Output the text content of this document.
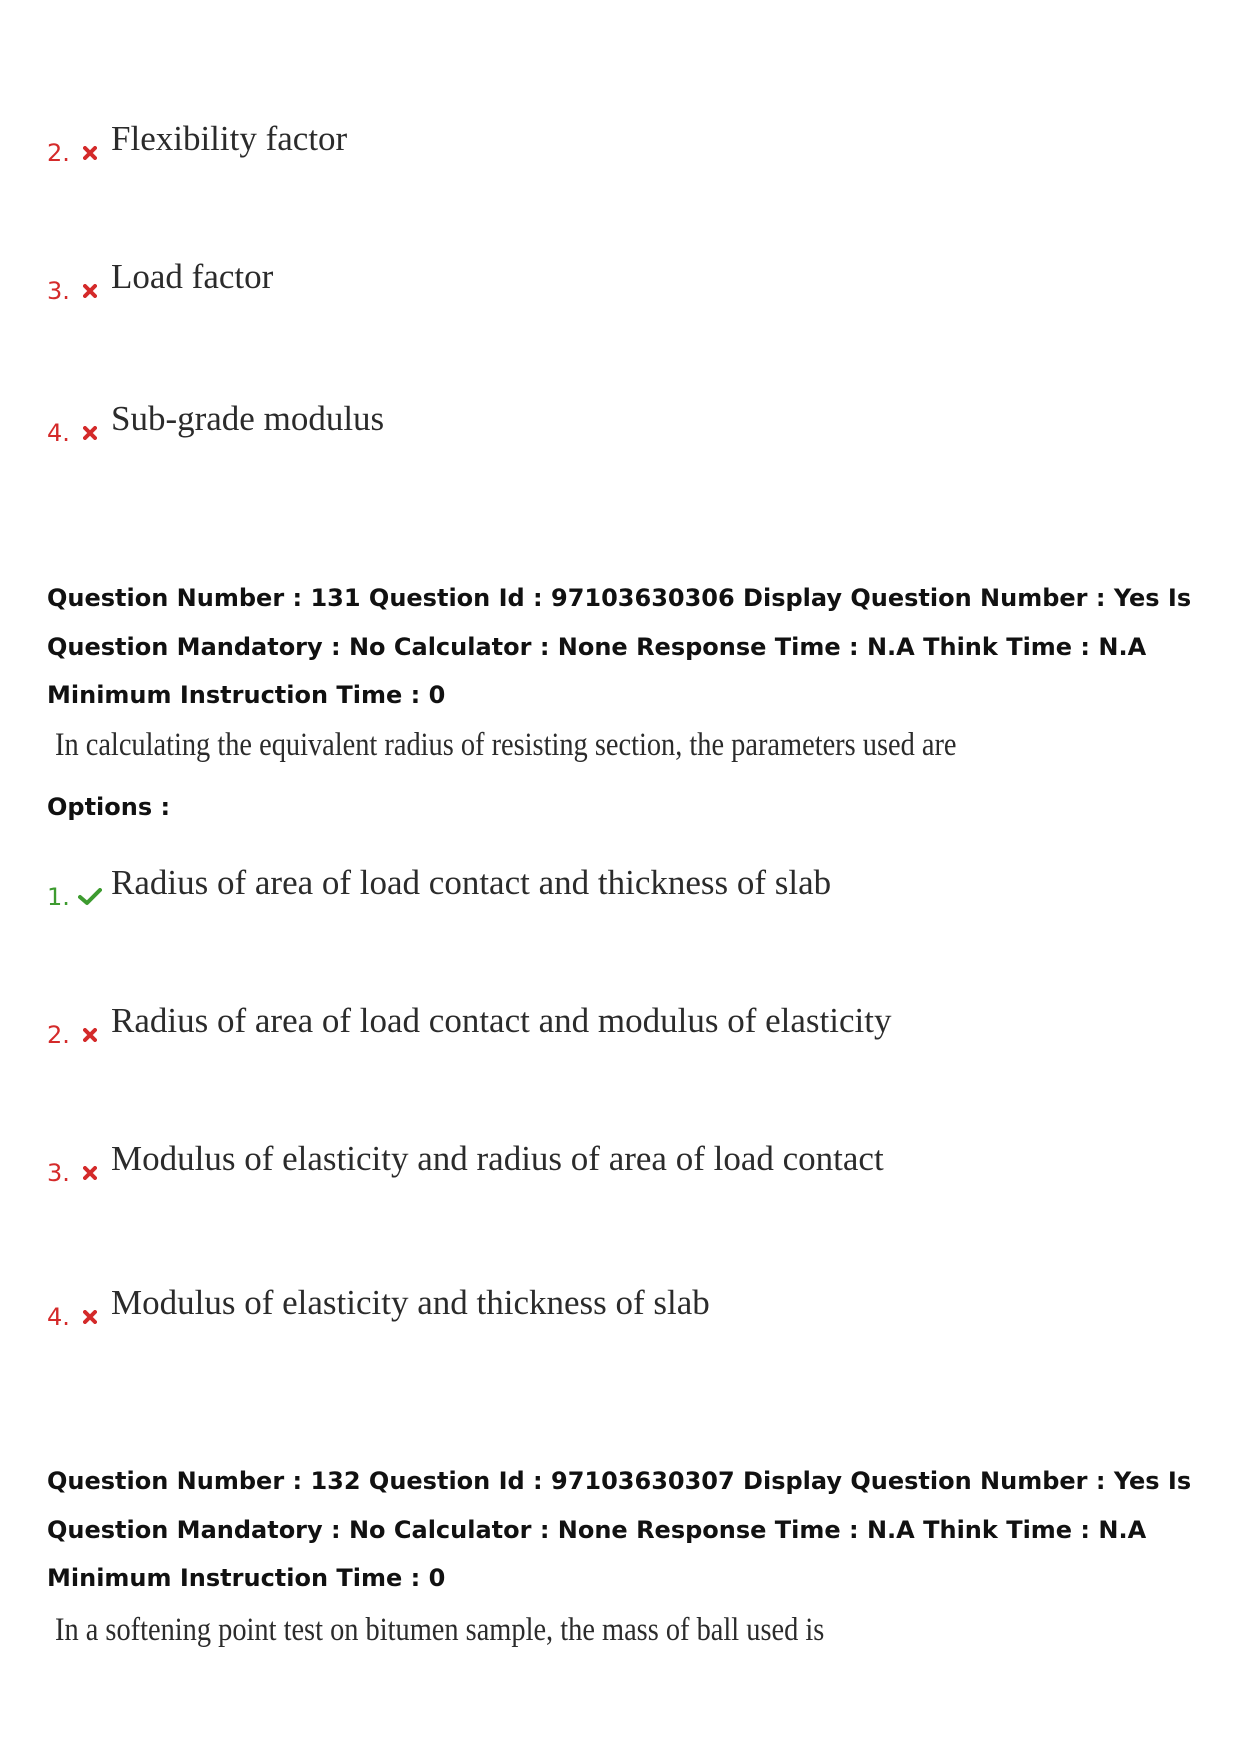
2. Flexibility factor
3. Load factor
4. Sub-grade modulus
Question Number : 131 Question Id : 97103630306 Display Question Number : Yes Is Question Mandatory : No Calculator : None Response Time : N.A Think Time : N.A Minimum Instruction Time : 0
In calculating the equivalent radius of resisting section, the parameters used are
Options :
1. Radius of area of load contact and thickness of slab
2. Radius of area of load contact and modulus of elasticity
3. Modulus of elasticity and radius of area of load contact
4. Modulus of elasticity and thickness of slab
Question Number : 132 Question Id : 97103630307 Display Question Number : Yes Is Question Mandatory : No Calculator : None Response Time : N.A Think Time : N.A Minimum Instruction Time : 0
In a softening point test on bitumen sample, the mass of ball used is
